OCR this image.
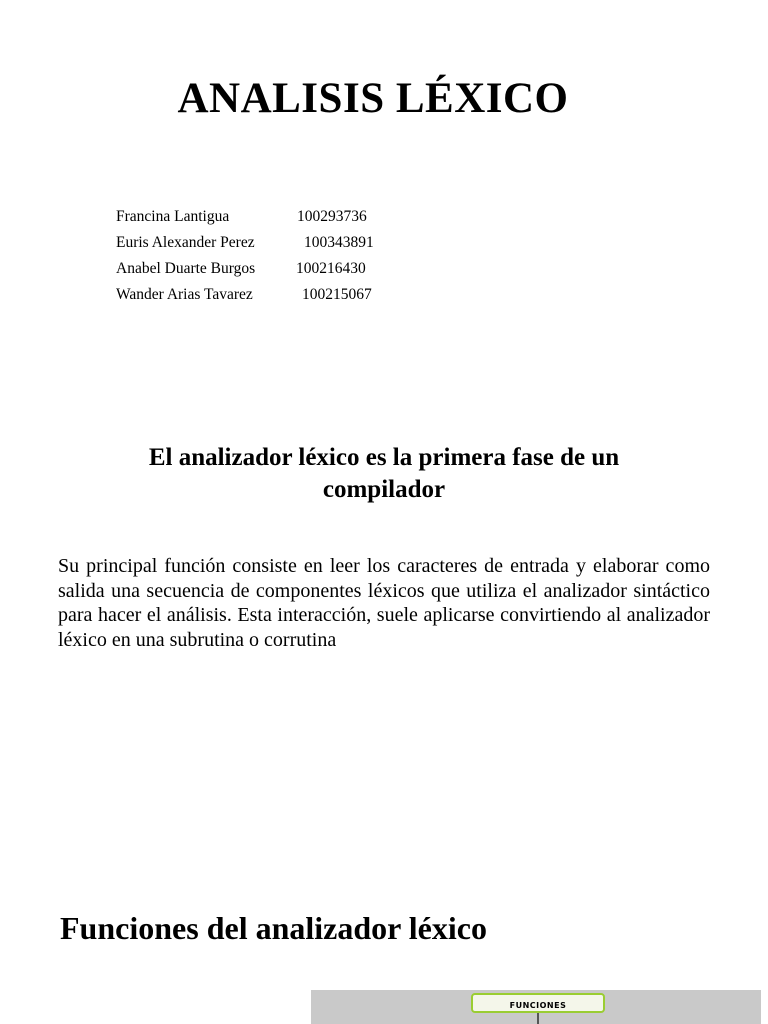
ANALISIS LÉXICO
Francina Lantigua	100293736
Euris Alexander Perez	100343891
Anabel Duarte Burgos	100216430
Wander Arias Tavarez	100215067
El analizador léxico es la primera fase de un
compilador

Su principal función consiste en leer los caracteres de entrada y elaborar como salida una secuencia de componentes léxicos que utiliza el analizador sintáctico para hacer el análisis. Esta interacción, suele aplicarse convirtiendo al analizador léxico en una subrutina o corrutina

Funciones del analizador léxico
FUNCIONES
